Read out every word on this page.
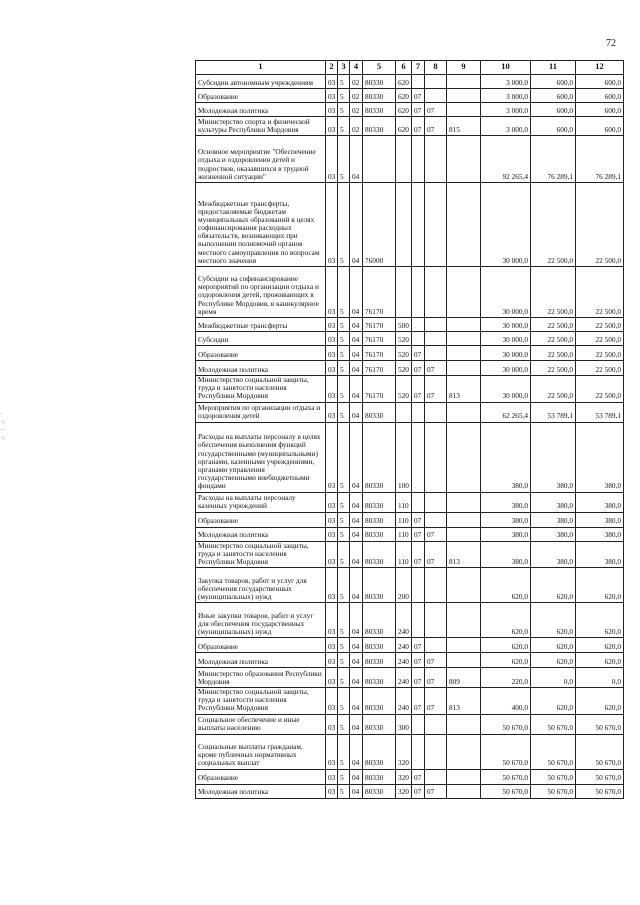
72
·
·:
··
·:
1	2	3	4	5	6	7	8	9	10	11	12
Субсидии автономным учреждениям	03	5	02	80330	620				3 000,0	600,0	600,0
Образование	03	5	02	80330	620	07			3 000,0	600,0	600,0
Молодежная политика	03	5	02	80330	620	07	07		3 000,0	600,0	600,0
Министерство спорта и физической культуры Республики Мордовия	03	5	02	80330	620	07	07	815	3 000,0	600,0	600,0
Основное мероприятие "Обеспечение отдыха и оздоровления детей и подростков, оказавшихся в трудной жизненной ситуации"	03	5	04						92 265,4	76 289,1	76 289,1
Межбюджетные трансферты, предоставляемые бюджетам муниципальных образований в целях софинансирования расходных обязательств, возникающих при выполнении полномочий органов местного самоуправления по вопросам местного значения	03	5	04	76000					30 000,0	22 500,0	22 500,0
Субсидии на софинансирование мероприятий по организации отдыха и оздоровления детей, проживающих в Республике Мордовия, в каникулярное время	03	5	04	76170					30 000,0	22 500,0	22 500,0
Межбюджетные трансферты	03	5	04	76170	500				30 000,0	22 500,0	22 500,0
Субсидии	03	5	04	76170	520				30 000,0	22 500,0	22 500,0
Образование	03	5	04	76170	520	07			30 000,0	22 500,0	22 500,0
Молодежная политика	03	5	04	76170	520	07	07		30 000,0	22 500,0	22 500,0
Министерство социальной защиты, труда и занятости населения Республики Мордовия	03	5	04	76170	520	07	07	813	30 000,0	22 500,0	22 500,0
Мероприятия по организации отдыха и оздоровления детей	03	5	04	80330					62 265,4	53 789,1	53 789,1
Расходы на выплаты персоналу в целях обеспечения выполнения функций государственными (муниципальными) органами, казенными учреждениями, органами управления государственными внебюджетными фондами	03	5	04	80330	100				380,0	380,0	380,0
Расходы на выплаты персоналу казенных учреждений	03	5	04	80330	110				380,0	380,0	380,0
Образование	03	5	04	80330	110	07			380,0	380,0	380,0
Молодежная политика	03	5	04	80330	110	07	07		380,0	380,0	380,0
Министерство социальной защиты, труда и занятости населения Республики Мордовия	03	5	04	80330	110	07	07	813	380,0	380,0	380,0
Закупка товаров, работ и услуг для обеспечения государственных (муниципальных) нужд	03	5	04	80330	200				620,0	620,0	620,0
Иные закупки товаров, работ и услуг для обеспечения государственных (муниципальных) нужд	03	5	04	80330	240				620,0	620,0	620,0
Образование	03	5	04	80330	240	07			620,0	620,0	620,0
Молодежная политика	03	5	04	80330	240	07	07		620,0	620,0	620,0
Министерство образования Республики Мордовия	03	5	04	80330	240	07	07	809	220,0	0,0	0,0
Министерство социальной защиты, труда и занятости населения Республики Мордовия	03	5	04	80330	240	07	07	813	400,0	620,0	620,0
Социальное обеспечение и иные выплаты населению	03	5	04	80330	300				50 670,0	50 670,0	50 670,0
Социальные выплаты гражданам, кроме публичных нормативных социальных выплат	03	5	04	80330	320				50 670,0	50 670,0	50 670,0
Образование	03	5	04	80330	320	07			50 670,0	50 670,0	50 670,0
Молодежная политика	03	5	04	80330	320	07	07		50 670,0	50 670,0	50 670,0
